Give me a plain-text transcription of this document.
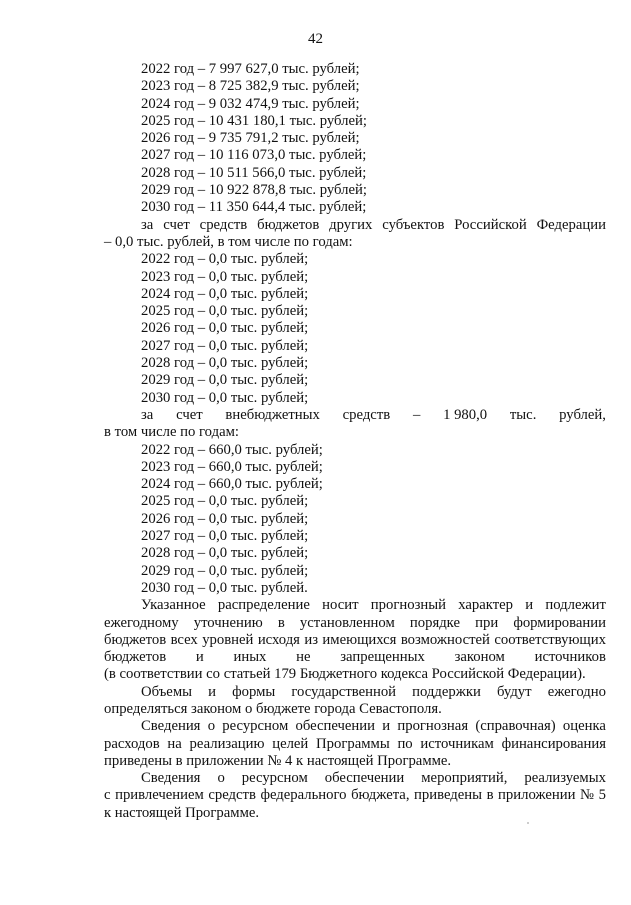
42
2022 год – 7 997 627,0 тыс. рублей;
2023 год – 8 725 382,9 тыс. рублей;
2024 год – 9 032 474,9 тыс. рублей;
2025 год – 10 431 180,1 тыс. рублей;
2026 год – 9 735 791,2 тыс. рублей;
2027 год – 10 116 073,0 тыс. рублей;
2028 год – 10 511 566,0 тыс. рублей;
2029 год – 10 922 878,8 тыс. рублей;
2030 год – 11 350 644,4 тыс. рублей;
за счет средств бюджетов других субъектов Российской Федерации
– 0,0 тыс. рублей, в том числе по годам:
2022 год – 0,0 тыс. рублей;
2023 год – 0,0 тыс. рублей;
2024 год – 0,0 тыс. рублей;
2025 год – 0,0 тыс. рублей;
2026 год – 0,0 тыс. рублей;
2027 год – 0,0 тыс. рублей;
2028 год – 0,0 тыс. рублей;
2029 год – 0,0 тыс. рублей;
2030 год – 0,0 тыс. рублей;
за счет внебюджетных средств – 1 980,0 тыс. рублей,
в том числе по годам:
2022 год – 660,0 тыс. рублей;
2023 год – 660,0 тыс. рублей;
2024 год – 660,0 тыс. рублей;
2025 год – 0,0 тыс. рублей;
2026 год – 0,0 тыс. рублей;
2027 год – 0,0 тыс. рублей;
2028 год – 0,0 тыс. рублей;
2029 год – 0,0 тыс. рублей;
2030 год – 0,0 тыс. рублей.
Указанное распределение носит прогнозный характер и подлежит
ежегодному уточнению в установленном порядке при формировании
бюджетов всех уровней исходя из имеющихся возможностей соответствующих
бюджетов и иных не запрещенных законом источников
(в соответствии со статьей 179 Бюджетного кодекса Российской Федерации).
Объемы и формы государственной поддержки будут ежегодно
определяться законом о бюджете города Севастополя.
Сведения о ресурсном обеспечении и прогнозная (справочная) оценка
расходов на реализацию целей Программы по источникам финансирования
приведены в приложении № 4 к настоящей Программе.
Сведения о ресурсном обеспечении мероприятий, реализуемых
с привлечением средств федерального бюджета, приведены в приложении № 5
к настоящей Программе.
